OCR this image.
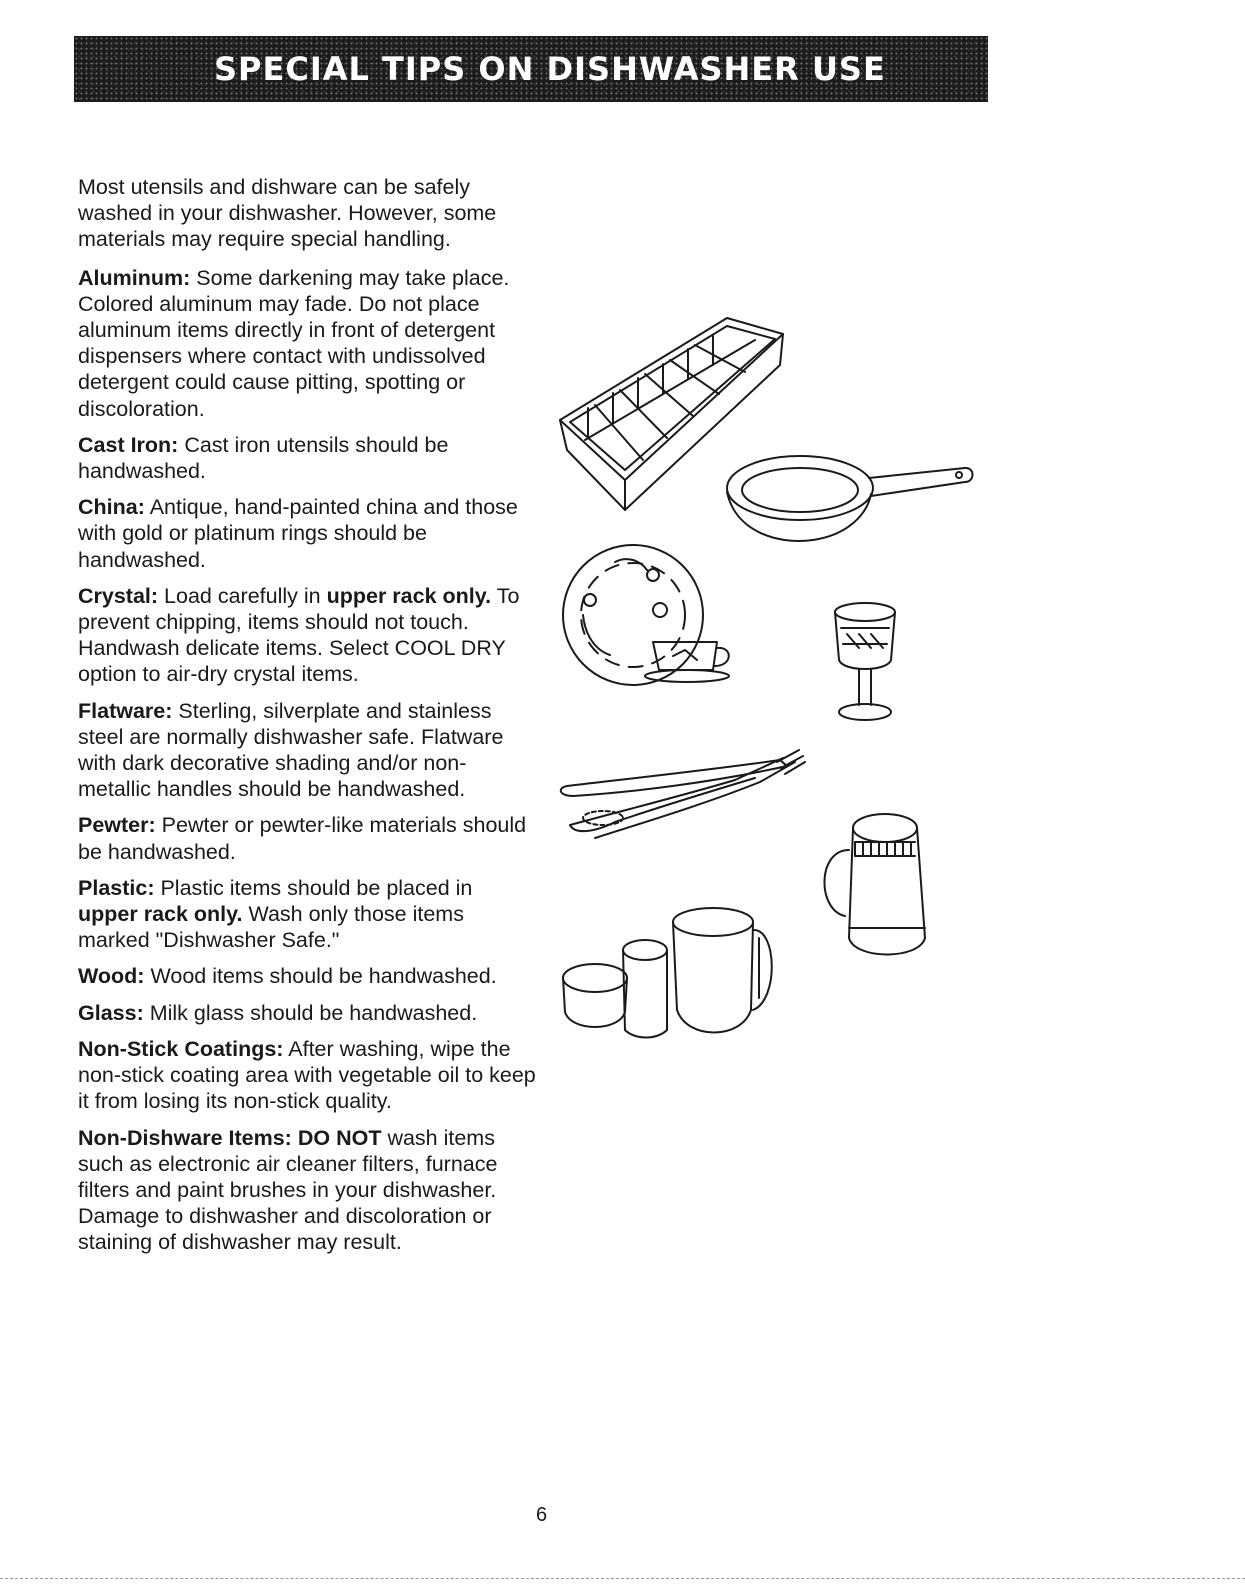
SPECIAL TIPS ON DISHWASHER USE

Most utensils and dishware can be safely washed in your dishwasher. However, some materials may require special handling.

Aluminum: Some darkening may take place. Colored aluminum may fade. Do not place aluminum items directly in front of detergent dispensers where contact with undissolved detergent could cause pitting, spotting or discoloration.

Cast Iron: Cast iron utensils should be handwashed.

China: Antique, hand-painted china and those with gold or platinum rings should be handwashed.

Crystal: Load carefully in upper rack only. To prevent chipping, items should not touch. Handwash delicate items. Select COOL DRY option to air-dry crystal items.

Flatware: Sterling, silverplate and stainless steel are normally dishwasher safe. Flatware with dark decorative shading and/or non-metallic handles should be handwashed.

Pewter: Pewter or pewter-like materials should be handwashed.

Plastic: Plastic items should be placed in upper rack only. Wash only those items marked "Dishwasher Safe."

Wood: Wood items should be handwashed.

Glass: Milk glass should be handwashed.

Non-Stick Coatings: After washing, wipe the non-stick coating area with vegetable oil to keep it from losing its non-stick quality.

Non-Dishware Items: DO NOT wash items such as electronic air cleaner filters, furnace filters and paint brushes in your dishwasher. Damage to dishwasher and discoloration or staining of dishwasher may result.

6
